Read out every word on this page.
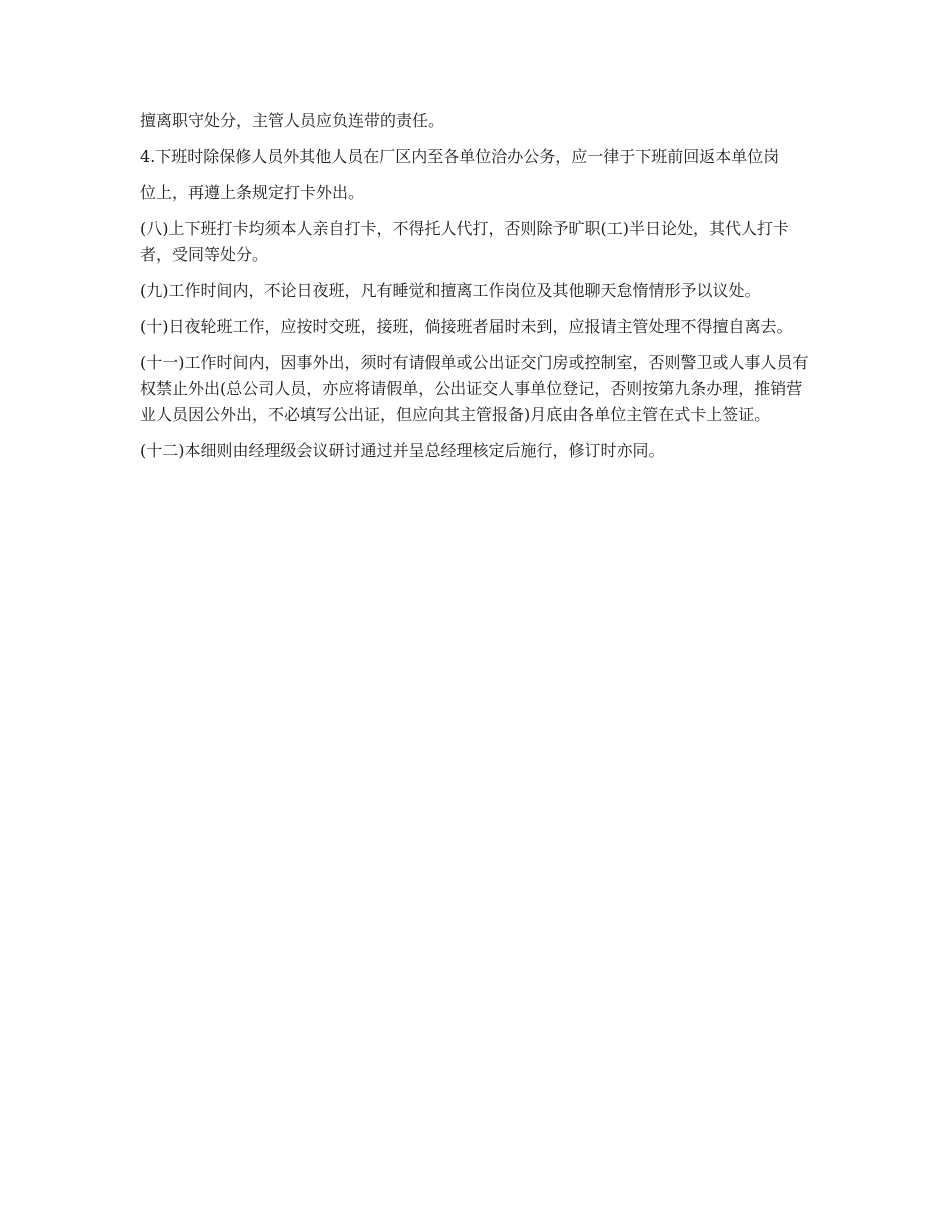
擅离职守处分，主管人员应负连带的责任。

4.下班时除保修人员外其他人员在厂区内至各单位洽办公务，应一律于下班前回返本单位岗

位上，再遵上条规定打卡外出。

(八)上下班打卡均须本人亲自打卡，不得托人代打，否则除予旷职(工)半日论处，其代人打卡者，受同等处分。

(九)工作时间内，不论日夜班，凡有睡觉和擅离工作岗位及其他聊天怠惰情形予以议处。

(十)日夜轮班工作，应按时交班，接班，倘接班者届时未到，应报请主管处理不得擅自离去。

(十一)工作时间内，因事外出，须时有请假单或公出证交门房或控制室，否则警卫或人事人员有权禁止外出(总公司人员，亦应将请假单，公出证交人事单位登记，否则按第九条办理，推销营业人员因公外出，不必填写公出证，但应向其主管报备)月底由各单位主管在式卡上签证。

(十二)本细则由经理级会议研讨通过并呈总经理核定后施行，修订时亦同。
